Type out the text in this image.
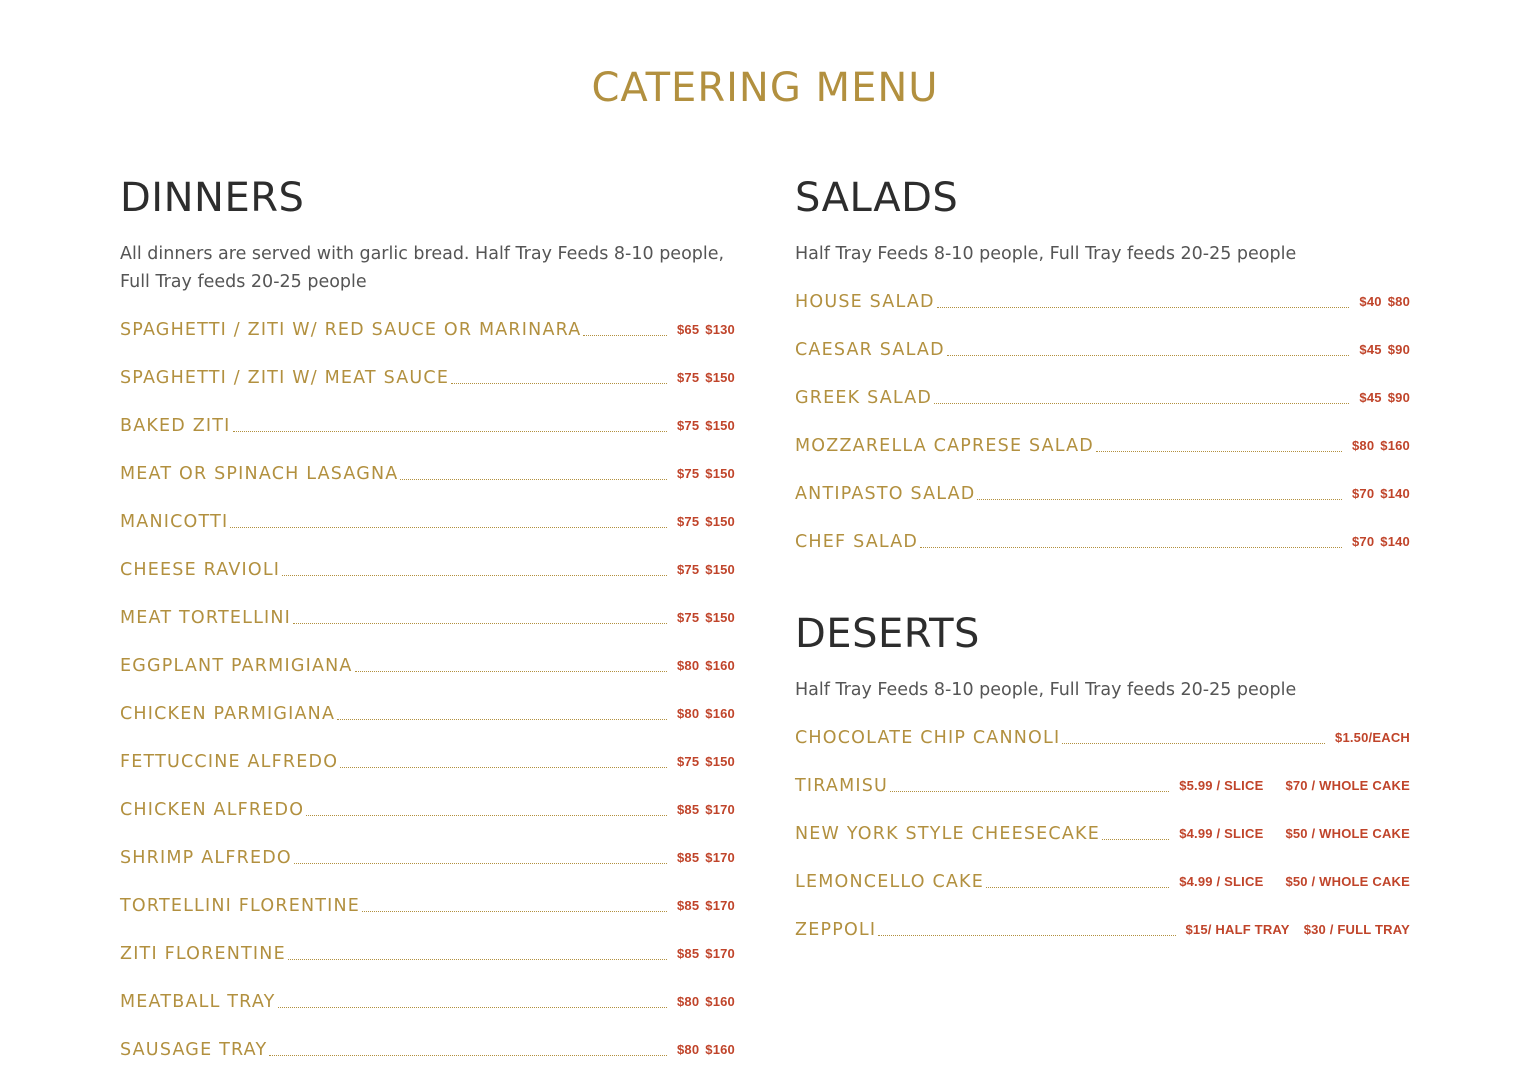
CATERING MENU
DINNERS

All dinners are served with garlic bread. Half Tray Feeds 8-10 people, Full Tray feeds 20-25 people

SPAGHETTI / ZITI W/ RED SAUCE OR MARINARA	$65 $130
SPAGHETTI / ZITI W/ MEAT SAUCE	$75 $150
BAKED ZITI	$75 $150
MEAT OR SPINACH LASAGNA	$75 $150
MANICOTTI	$75 $150
CHEESE RAVIOLI	$75 $150
MEAT TORTELLINI	$75 $150
EGGPLANT PARMIGIANA	$80 $160
CHICKEN PARMIGIANA	$80 $160
FETTUCCINE ALFREDO	$75 $150
CHICKEN ALFREDO	$85 $170
SHRIMP ALFREDO	$85 $170
TORTELLINI FLORENTINE	$85 $170
ZITI FLORENTINE	$85 $170
MEATBALL TRAY	$80 $160
SAUSAGE TRAY	$80 $160
SALADS

Half Tray Feeds 8-10 people, Full Tray feeds 20-25 people

HOUSE SALAD	$40 $80
CAESAR SALAD	$45 $90
GREEK SALAD	$45 $90
MOZZARELLA CAPRESE SALAD	$80 $160
ANTIPASTO SALAD	$70 $140
CHEF SALAD	$70 $140
DESERTS

Half Tray Feeds 8-10 people, Full Tray feeds 20-25 people

CHOCOLATE CHIP CANNOLI	$1.50/EACH
TIRAMISU	$5.99 / SLICE $70 / WHOLE CAKE
NEW YORK STYLE CHEESECAKE	$4.99 / SLICE $50 / WHOLE CAKE
LEMONCELLO CAKE	$4.99 / SLICE $50 / WHOLE CAKE
ZEPPOLI	$15/ HALF TRAY $30 / FULL TRAY
